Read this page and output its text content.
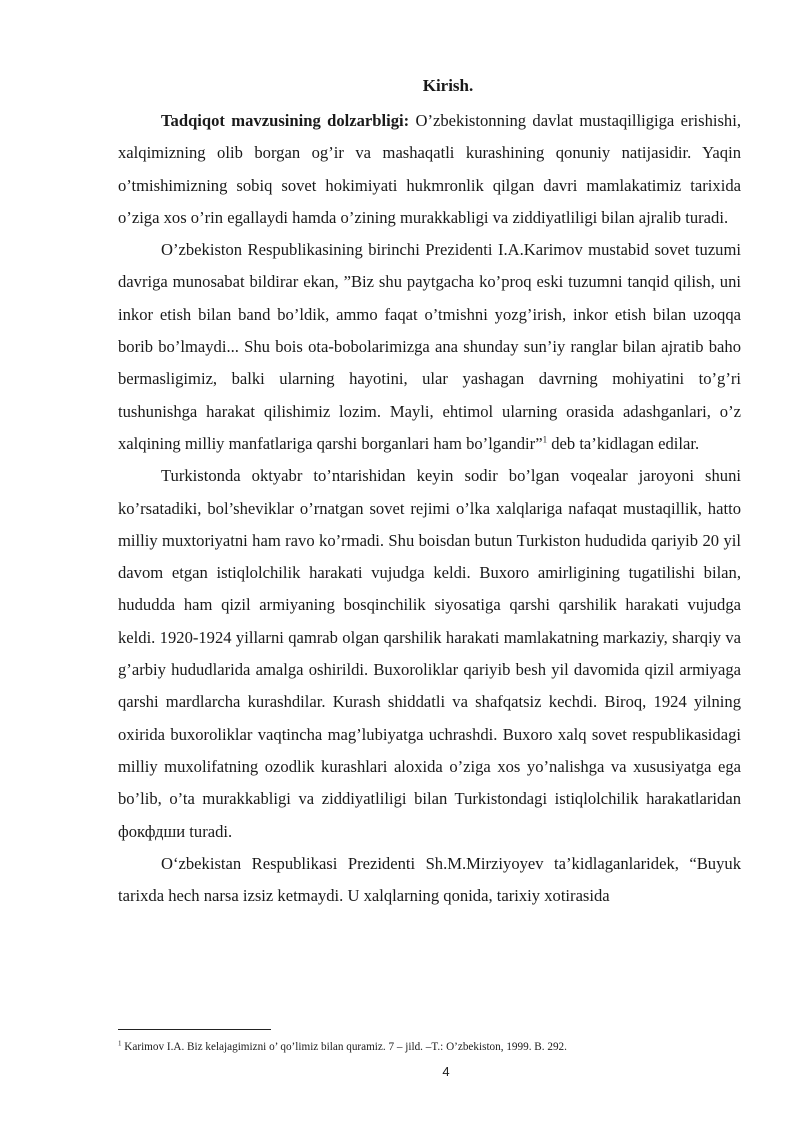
Kirish.

Tadqiqot mavzusining dolzarbligi: O’zbekistonning davlat mustaqilligiga erishishi, xalqimizning olib borgan og’ir va mashaqatli kurashining qonuniy natijasidir. Yaqin o’tmishimizning sobiq sovet hokimiyati hukmronlik qilgan davri mamlakatimiz tarixida o’ziga xos o’rin egallaydi hamda o’zining murakkabligi va ziddiyatliligi bilan ajralib turadi.

O’zbekiston Respublikasining birinchi Prezidenti I.A.Karimov mustabid sovet tuzumi davriga munosabat bildirar ekan, ”Biz shu paytgacha ko’proq eski tuzumni tanqid qilish, uni inkor etish bilan band bo’ldik, ammo faqat o’tmishni yozg’irish, inkor etish bilan uzoqqa borib bo’lmaydi... Shu bois ota-bobolarimizga ana shunday sun’iy ranglar bilan ajratib baho bermasligimiz, balki ularning hayotini, ular yashagan davrning mohiyatini to’g’ri tushunishga harakat qilishimiz lozim. Mayli, ehtimol ularning orasida adashganlari, o’z xalqining milliy manfatlariga qarshi borganlari ham bo’lgandir”$^1$ deb ta’kidlagan edilar.

Turkistonda oktyabr to’ntarishidan keyin sodir bo’lgan voqealar jaroyoni shuni ko’rsatadiki, bol’sheviklar o’rnatgan sovet rejimi o’lka xalqlariga nafaqat mustaqillik, hatto milliy muxtoriyatni ham ravo ko’rmadi. Shu boisdan butun Turkiston hududida qariyib 20 yil davom etgan istiqlolchilik harakati vujudga keldi. Buxoro amirligining tugatilishi bilan, hududda ham qizil armiyaning bosqinchilik siyosatiga qarshi qarshilik harakati vujudga keldi. 1920-1924 yillarni qamrab olgan qarshilik harakati mamlakatning markaziy, sharqiy va g’arbiy hududlarida amalga oshirildi. Buxoroliklar qariyib besh yil davomida qizil armiyaga qarshi mardlarcha kurashdilar. Kurash shiddatli va shafqatsiz kechdi. Biroq, 1924 yilning oxirida buxoroliklar vaqtincha mag’lubiyatga uchrashdi. Buxoro xalq sovet respublikasidagi milliy muxolifatning ozodlik kurashlari aloxida o’ziga xos yo’nalishga va xususiyatga ega bo’lib, o’ta murakkabligi va ziddiyatliligi bilan Turkistondagi istiqlolchilik harakatlaridan фокфдши turadi.

O‘zbekistan Respublikasi Prezidenti Sh.M.Mirziyoyev ta’kidlaganlaridek, “Buyuk tarixda hech narsa izsiz ketmaydi. U xalqlarning qonida, tarixiy xotirasida

$^1$ Karimov I.A. Biz kelajagimizni o’ qo’limiz bilan quramiz. 7 – jild. –T.: O’zbekiston, 1999. B. 292.
4
